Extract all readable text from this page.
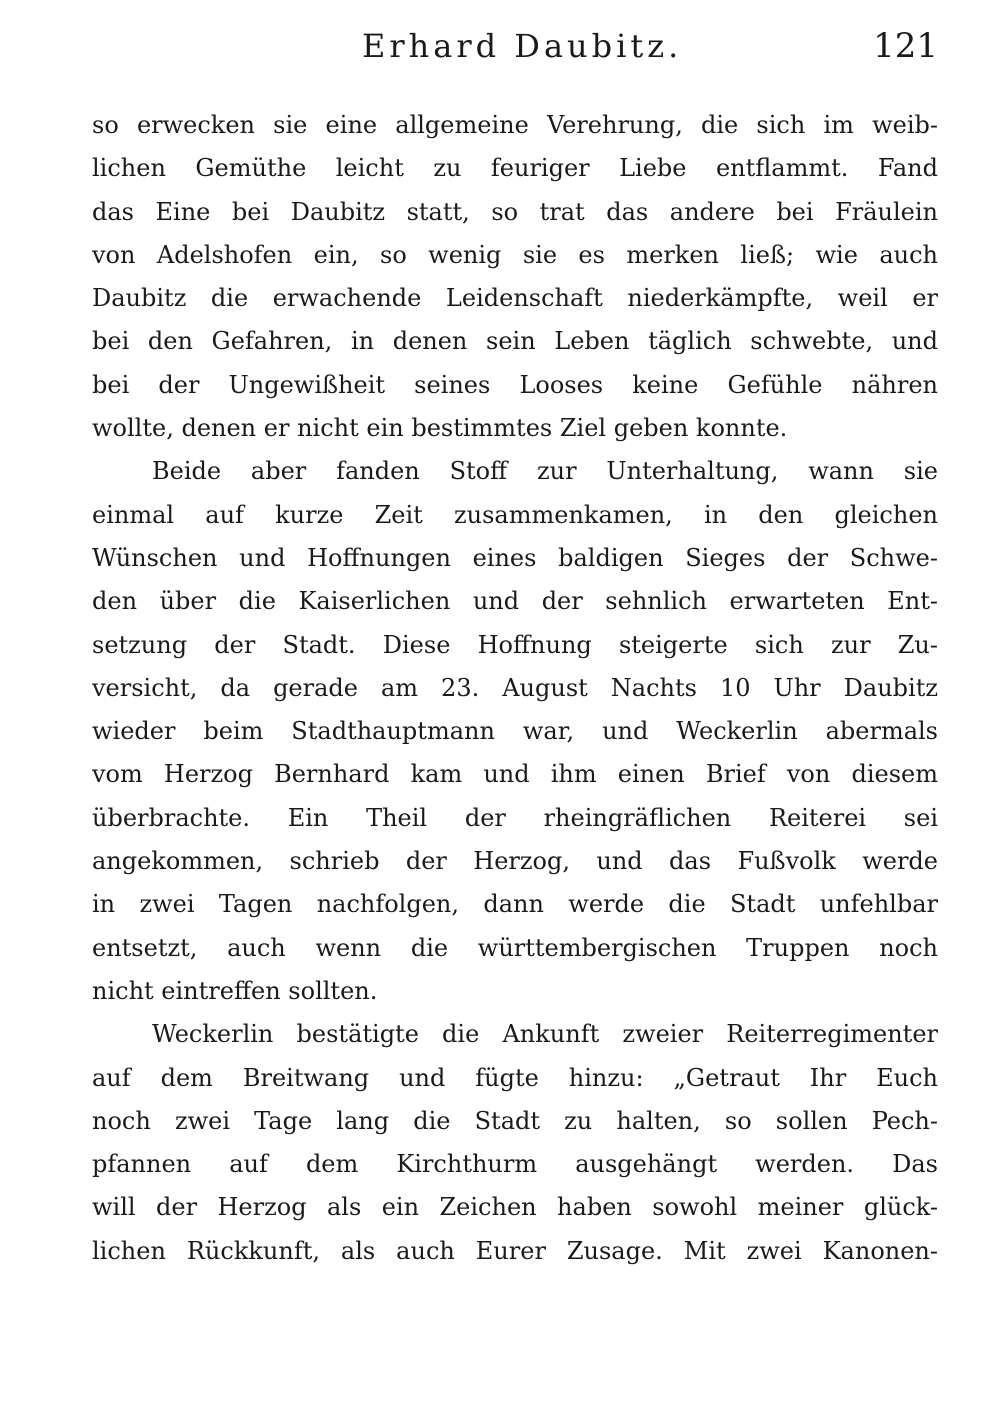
Erhard Daubitz.	121
so erwecken sie eine allgemeine Verehrung, die sich im weib-
lichen Gemüthe leicht zu feuriger Liebe entflammt. Fand
das Eine bei Daubitz statt, so trat das andere bei Fräulein
von Adelshofen ein, so wenig sie es merken ließ; wie auch
Daubitz die erwachende Leidenschaft niederkämpfte, weil er
bei den Gefahren, in denen sein Leben täglich schwebte, und
bei der Ungewißheit seines Looses keine Gefühle nähren
wollte, denen er nicht ein bestimmtes Ziel geben konnte.
Beide aber fanden Stoff zur Unterhaltung, wann sie
einmal auf kurze Zeit zusammenkamen, in den gleichen
Wünschen und Hoffnungen eines baldigen Sieges der Schwe-
den über die Kaiserlichen und der sehnlich erwarteten Ent-
setzung der Stadt. Diese Hoffnung steigerte sich zur Zu-
versicht, da gerade am 23. August Nachts 10 Uhr Daubitz
wieder beim Stadthauptmann war, und Weckerlin abermals
vom Herzog Bernhard kam und ihm einen Brief von diesem
überbrachte. Ein Theil der rheingräflichen Reiterei sei
angekommen, schrieb der Herzog, und das Fußvolk werde
in zwei Tagen nachfolgen, dann werde die Stadt unfehlbar
entsetzt, auch wenn die württembergischen Truppen noch
nicht eintreffen sollten.
Weckerlin bestätigte die Ankunft zweier Reiterregimenter
auf dem Breitwang und fügte hinzu: „Getraut Ihr Euch
noch zwei Tage lang die Stadt zu halten, so sollen Pech-
pfannen auf dem Kirchthurm ausgehängt werden. Das
will der Herzog als ein Zeichen haben sowohl meiner glück-
lichen Rückkunft, als auch Eurer Zusage. Mit zwei Kanonen-
